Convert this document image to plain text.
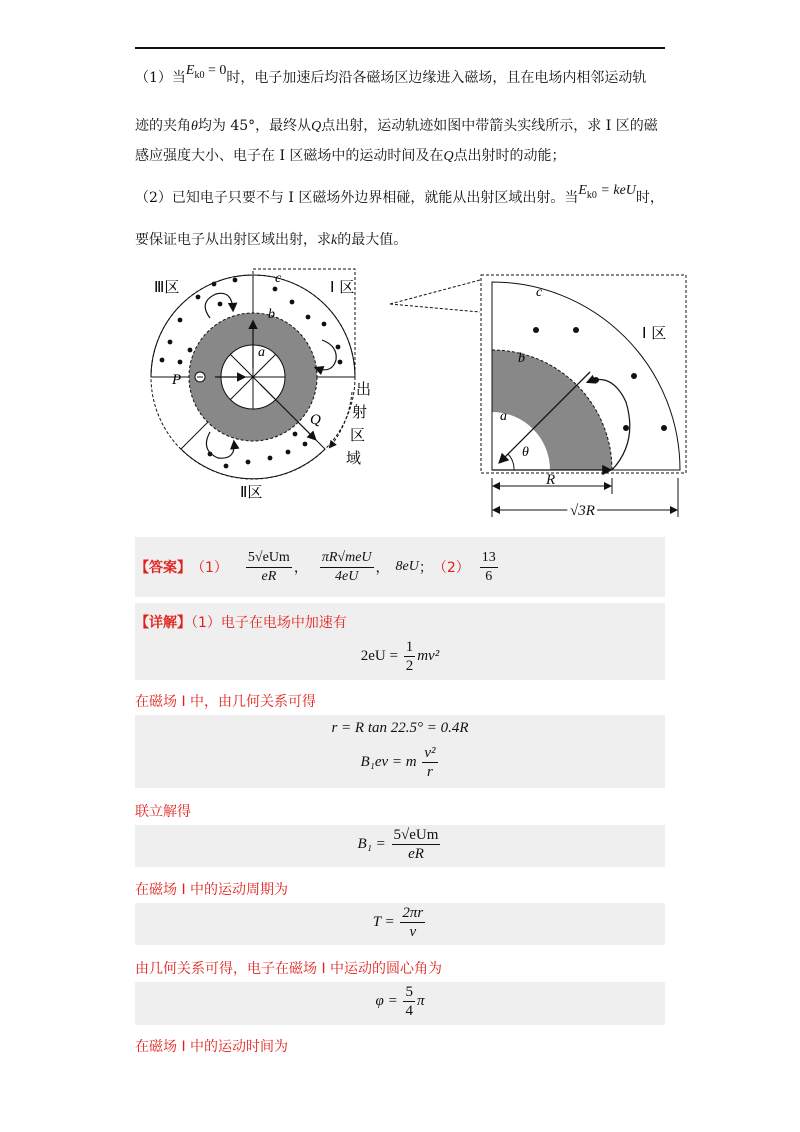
（1）当$E_{k0} = 0$时，电子加速后均沿各磁场区边缘进入磁场，且在电场内相邻运动轨
迹的夹角θ均为 45°，最终从Q点出射，运动轨迹如图中带箭头实线所示，求 I 区的磁
感应强度大小、电子在 I 区磁场中的运动时间及在Q点出射时的动能；
（2）已知电子只要不与 I 区磁场外边界相碰，就能从出射区域出射。当$E_{k0}$ = keU时，
要保证电子从出射区域出射，求k的最大值。
Ⅲ区	I 区
Ⅱ区
P
Q
a
b
c
出
射
区
域
c
b
a
θ
I 区
R
√3R
【答案】 $(1) \frac{\text{5√eUm}}{eR}$ ， $\frac{\text{πR√meU}}{4eU}$ ， 8eU ； $(2) \frac{13}{6}$
【详解】（1）电子在电场中加速有
$2eU = \frac{1}{2} mv^2$
在磁场 I 中，由几何关系可得
r = R tan 22.5° = 0.4R
B₁ev = m $\frac{\text{v²}}{r}$
联立解得
$B_1 = \frac{\text{5√eUm}}{eR}$
在磁场 I 中的运动周期为
$T = \frac{2\pi r}{v}$
由几何关系可得，电子在磁场 I 中运动的圆心角为
$\varphi = \frac{5}{4}$ π
在磁场 I 中的运动时间为
